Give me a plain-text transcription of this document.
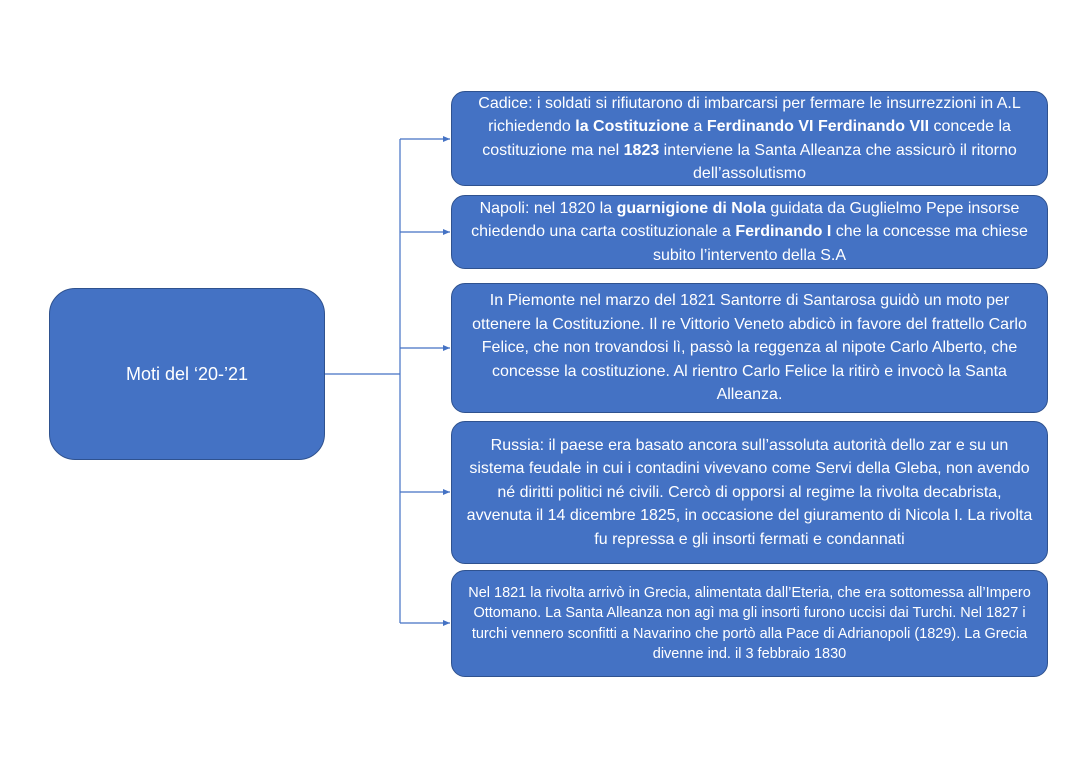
Moti del ‘20-’21

Cadice: i soldati si rifiutarono di imbarcarsi per fermare le insurrezzioni in A.L richiedendo la Costituzione a Ferdinando VI Ferdinando VII concede la costituzione ma nel 1823 interviene la Santa Alleanza che assicurò il ritorno dell’assolutismo

Napoli: nel 1820 la guarnigione di Nola guidata da Guglielmo Pepe insorse chiedendo una carta costituzionale a Ferdinando I che la concesse ma chiese subito l’intervento della S.A

In Piemonte nel marzo del 1821 Santorre di Santarosa guidò un moto per ottenere la Costituzione. Il re Vittorio Veneto abdicò in favore del frattello Carlo Felice, che non trovandosi lì, passò la reggenza al nipote Carlo Alberto, che concesse la costituzione. Al rientro Carlo Felice la ritirò e invocò la Santa Alleanza.

Russia: il paese era basato ancora sull’assoluta autorità dello zar e su un sistema feudale in cui i contadini vivevano come Servi della Gleba, non avendo né diritti politici né civili. Cercò di opporsi al regime la rivolta decabrista, avvenuta il 14 dicembre 1825, in occasione del giuramento di Nicola I. La rivolta fu repressa e gli insorti fermati e condannati

Nel 1821 la rivolta arrivò in Grecia, alimentata dall’Eteria, che era sottomessa all’Impero Ottomano. La Santa Alleanza non agì ma gli insorti furono uccisi dai Turchi. Nel 1827 i turchi vennero sconfitti a Navarino che portò alla Pace di Adrianopoli (1829). La Grecia divenne ind. il 3 febbraio 1830
